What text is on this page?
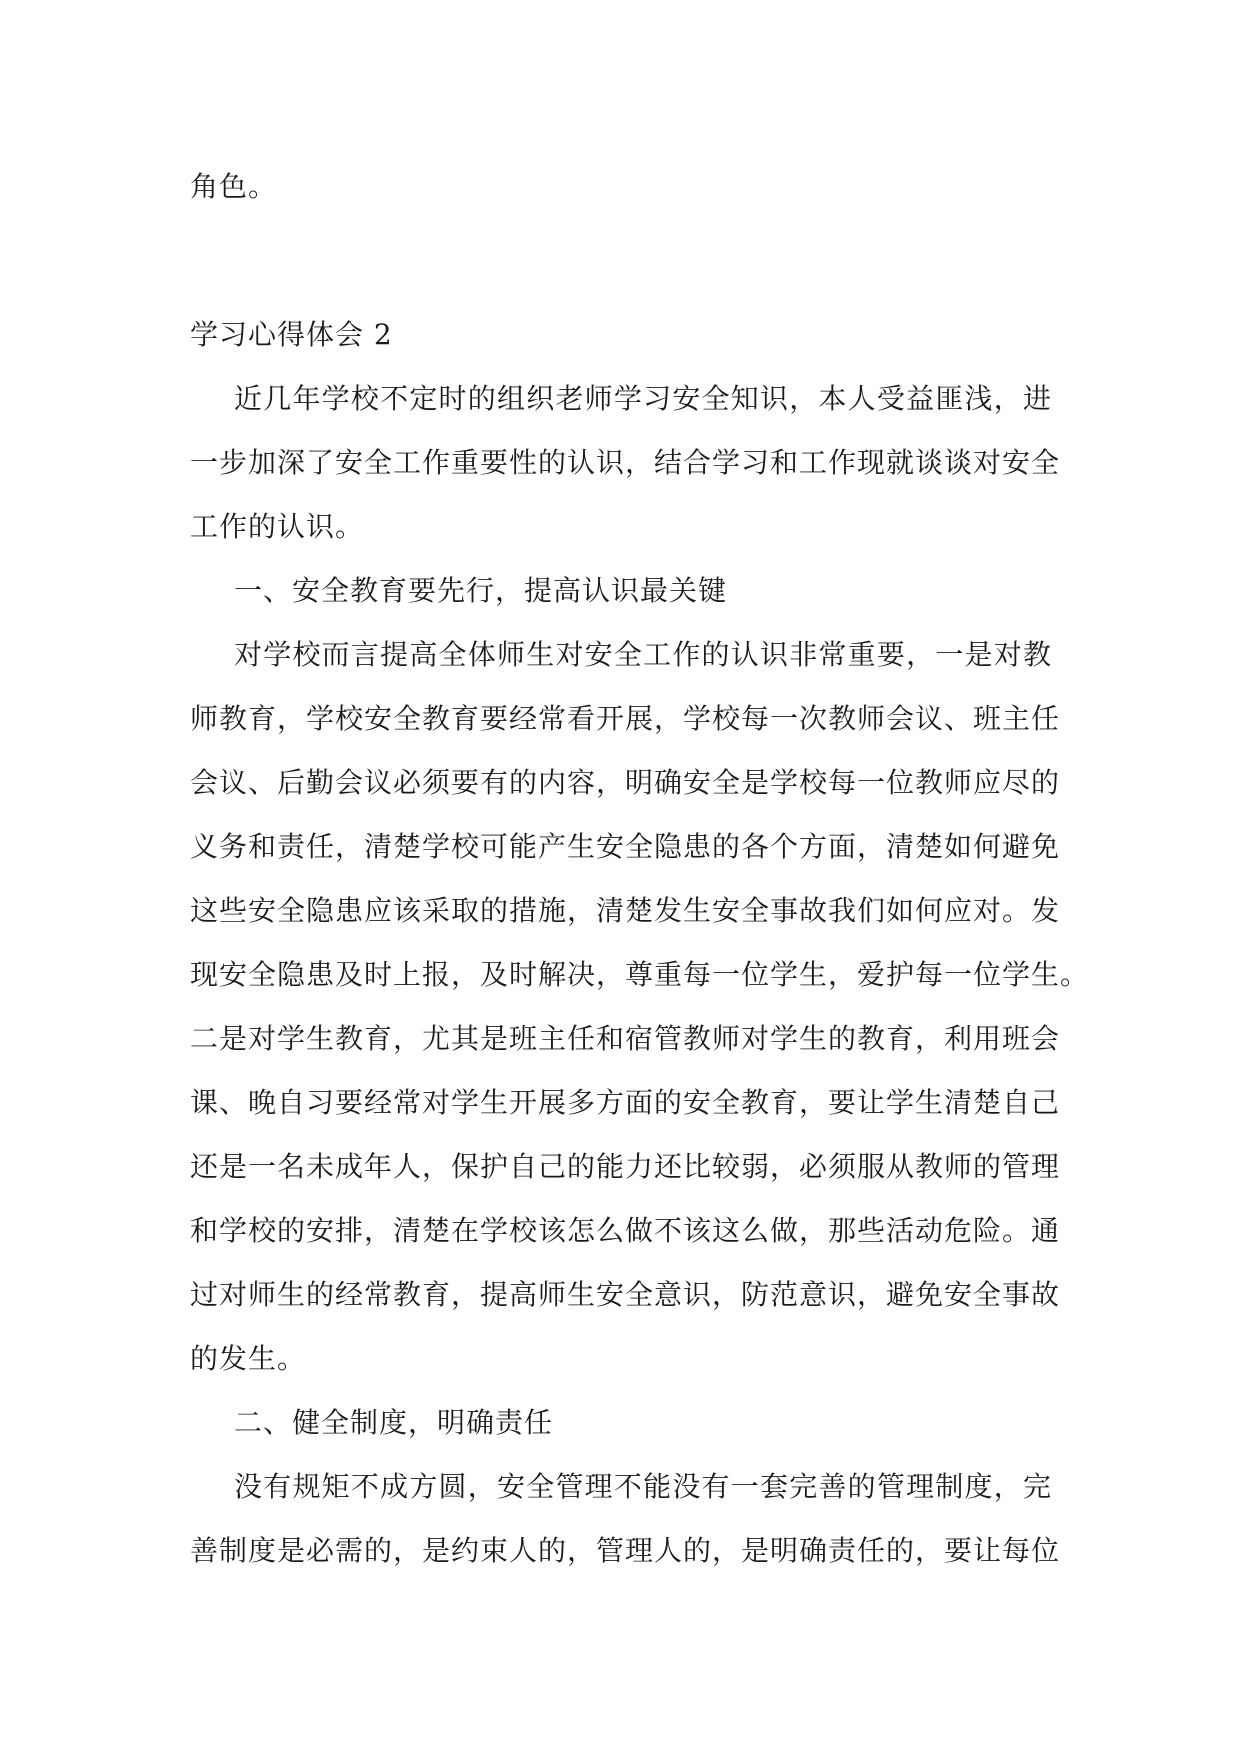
角色。
学习心得体会 2
近几年学校不定时的组织老师学习安全知识，本人受益匪浅，进
一步加深了安全工作重要性的认识，结合学习和工作现就谈谈对安全
工作的认识。
一、安全教育要先行，提高认识最关键
对学校而言提高全体师生对安全工作的认识非常重要，一是对教
师教育，学校安全教育要经常看开展，学校每一次教师会议、班主任
会议、后勤会议必须要有的内容，明确安全是学校每一位教师应尽的
义务和责任，清楚学校可能产生安全隐患的各个方面，清楚如何避免
这些安全隐患应该采取的措施，清楚发生安全事故我们如何应对。发
现安全隐患及时上报，及时解决，尊重每一位学生，爱护每一位学生。
二是对学生教育，尤其是班主任和宿管教师对学生的教育，利用班会
课、晚自习要经常对学生开展多方面的安全教育，要让学生清楚自己
还是一名未成年人，保护自己的能力还比较弱，必须服从教师的管理
和学校的安排，清楚在学校该怎么做不该这么做，那些活动危险。通
过对师生的经常教育，提高师生安全意识，防范意识，避免安全事故
的发生。
二、健全制度，明确责任
没有规矩不成方圆，安全管理不能没有一套完善的管理制度，完
善制度是必需的，是约束人的，管理人的，是明确责任的，要让每位
